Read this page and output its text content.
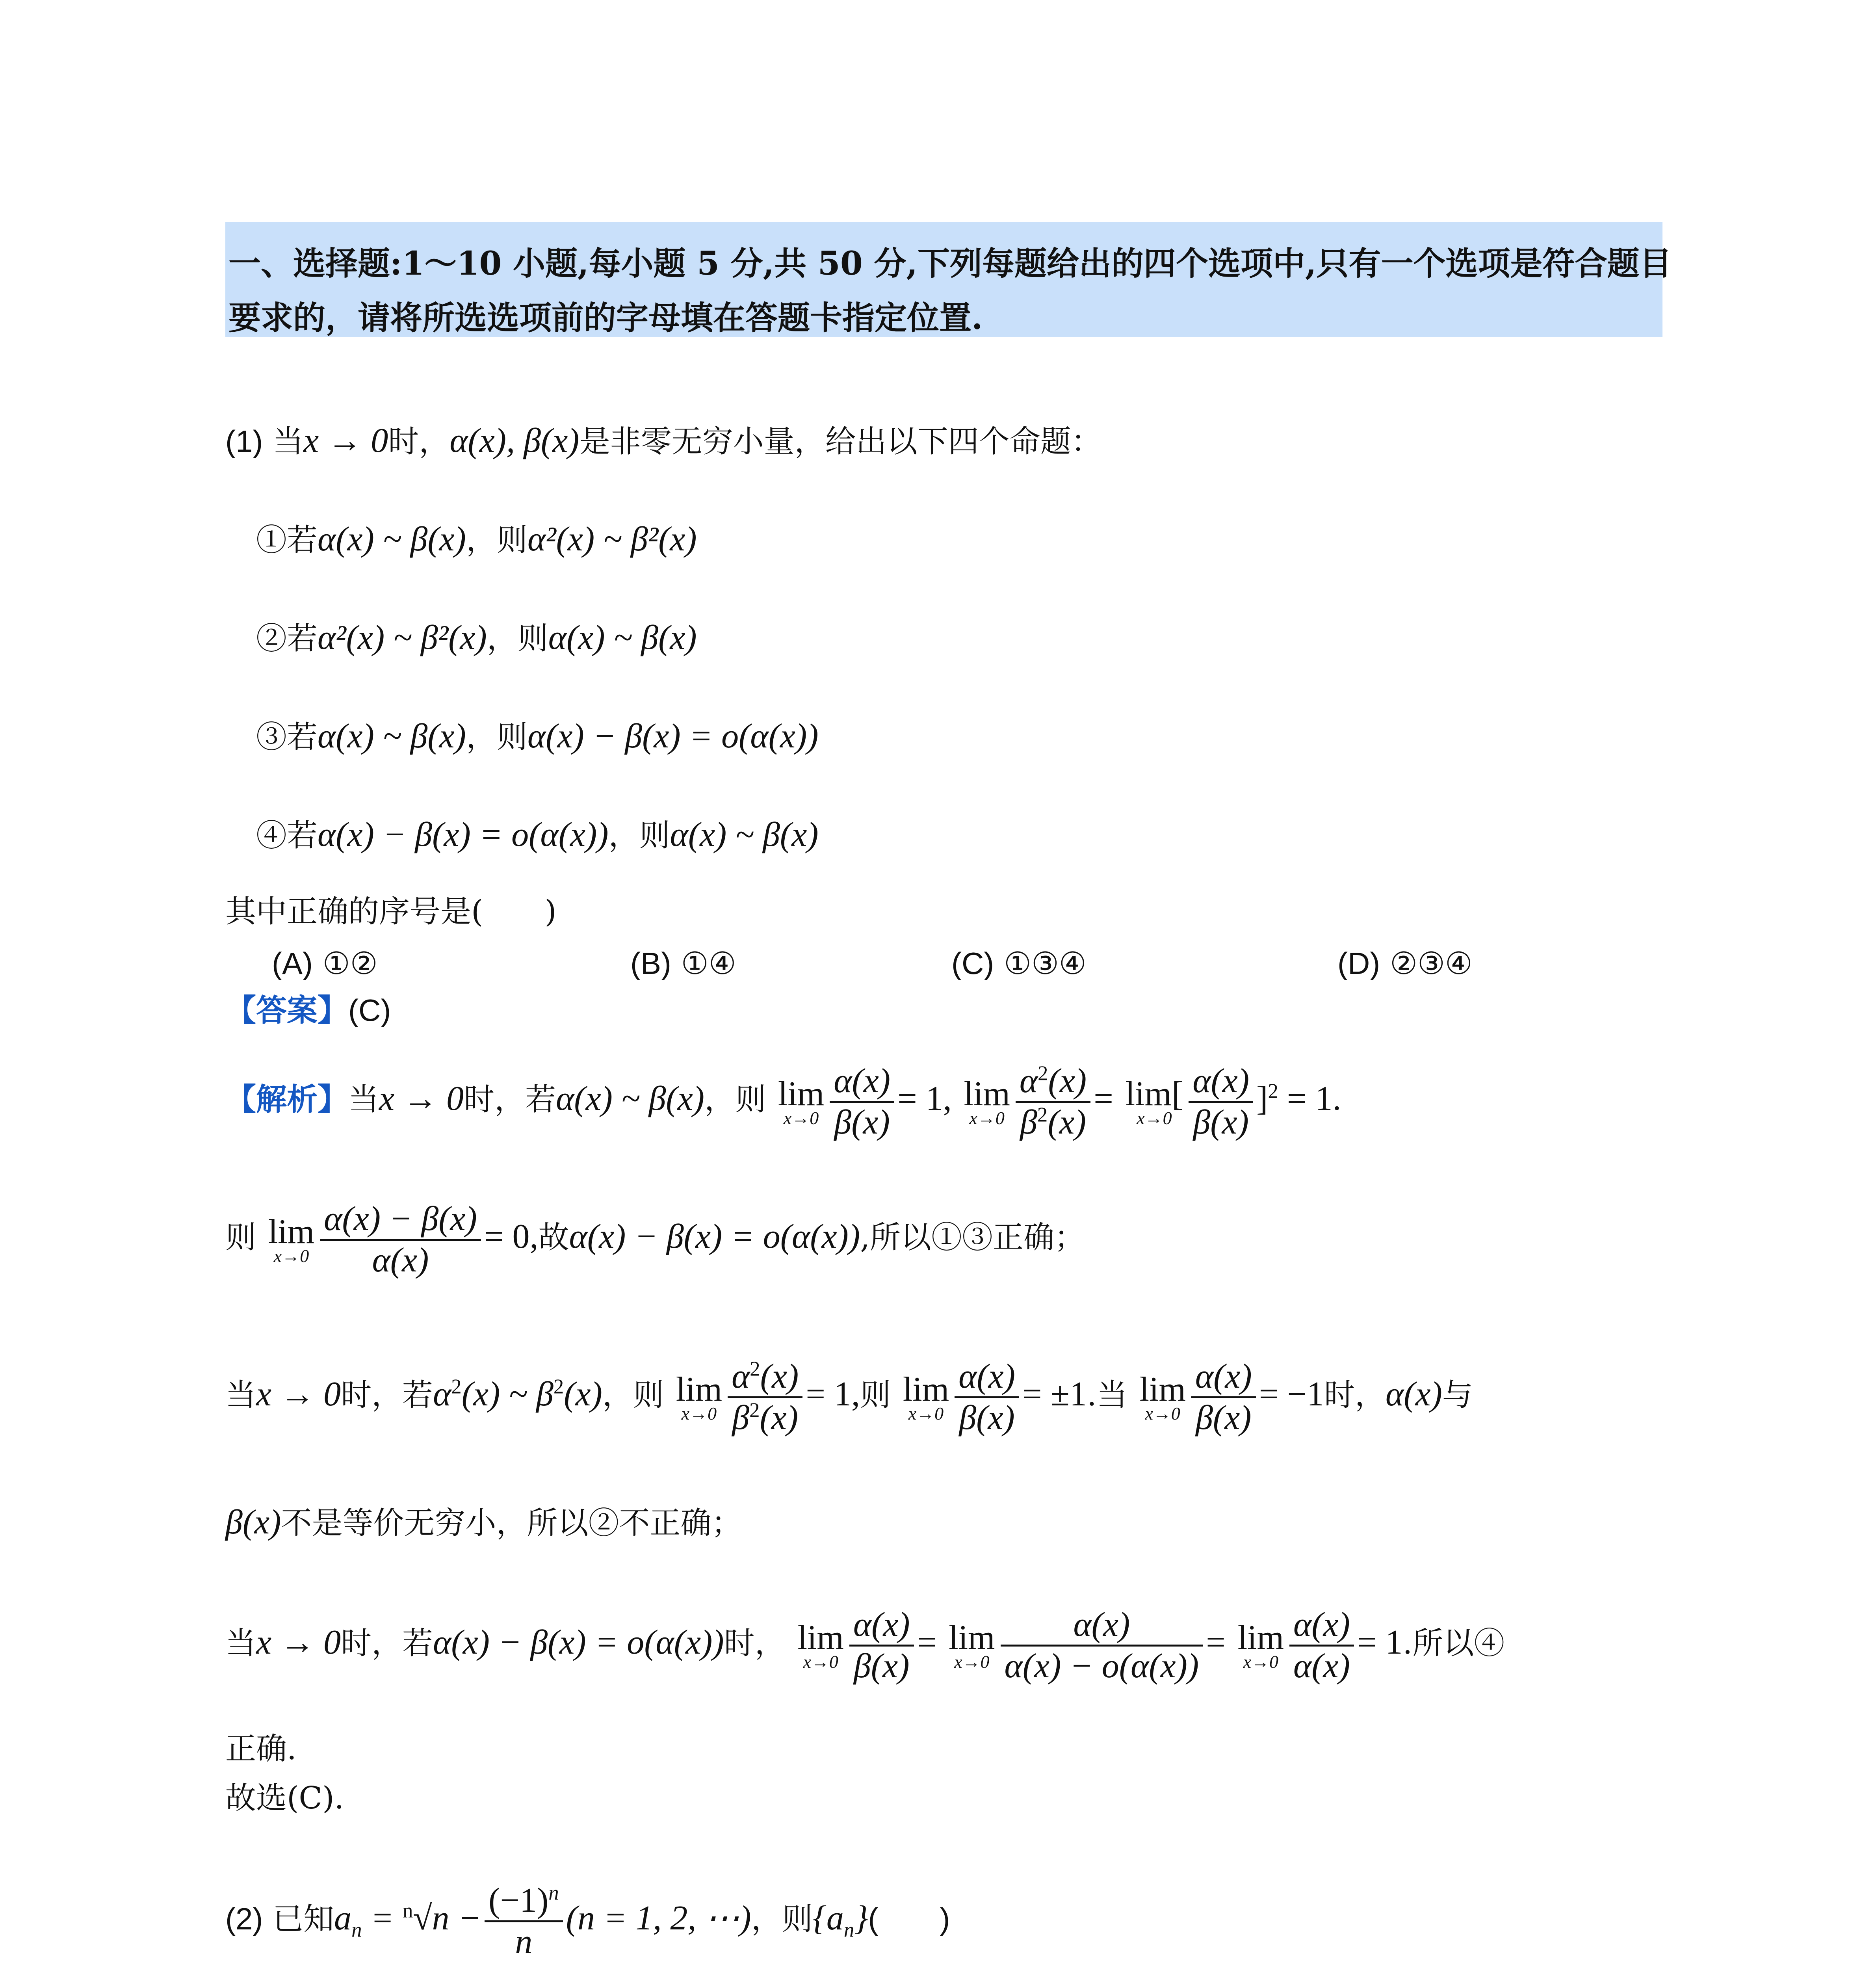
一、选择题:1～10 小题,每小题 5 分,共 50 分,下列每题给出的四个选项中,只有一个选项是符合题目
要求的，请将所选选项前的字母填在答题卡指定位置.
(1) 当x → 0时，α(x), β(x)是非零无穷小量，给出以下四个命题：
①若α(x) ~ β(x)，则α²(x) ~ β²(x)
②若α²(x) ~ β²(x)，则α(x) ~ β(x)
③若α(x) ~ β(x)，则α(x) − β(x) = o(α(x))
④若α(x) − β(x) = o(α(x))，则α(x) ~ β(x)
其中正确的序号是(　　)
(A) ①②	(B) ①④	(C) ①③④	(D) ②③④
【答案】(C)
【解析】当x → 0时，若α(x) ~ β(x)，则 lim
$x\to 0 \frac{\alpha(x)}{\beta(x)} = 1$, lim
$x\to 0 \frac{\alpha^2(x)}{\beta^2(x)} = \lim$[
$x\to 0 \frac{\alpha(x)}{\beta(x)} ]^2 = 1$.
则 lim
$x\to 0 \frac{\alpha(x) - \beta(x)}{\alpha(x)} = 0$,故α(x) − β(x) = o(α(x)),所以①③正确；
当x → 0时，若$\alpha^2(x)$ ~ $\beta^2(x)$，则 lim
$x\to 0 \frac{\alpha^2(x)}{\beta^2(x)} = 1$,则 lim
$x\to 0 \frac{\alpha(x)}{\beta(x)} = \pm 1$.当 lim
$x\to 0 \frac{\alpha(x)}{\beta(x)} = -1$时，α(x)与
β(x)不是等价无穷小，所以②不正确；
当x → 0时，若α(x) − β(x) = o(α(x))时， lim
$x\to 0 \frac{\alpha(x)}{\beta(x)} = \lim$
$x\to 0 \frac{\alpha(x)}{\alpha(x) - o(\alpha(x))} = \lim$
$x\to 0 \frac{\alpha(x)}{\alpha(x)} = 1$.所以④
正确.
故选(C).
(2) 已知$a_n = ^n√n - \frac{(-1)^n}{n} (n = 1$, 2, ⋯)，则$\{a_n\}$(　　)
